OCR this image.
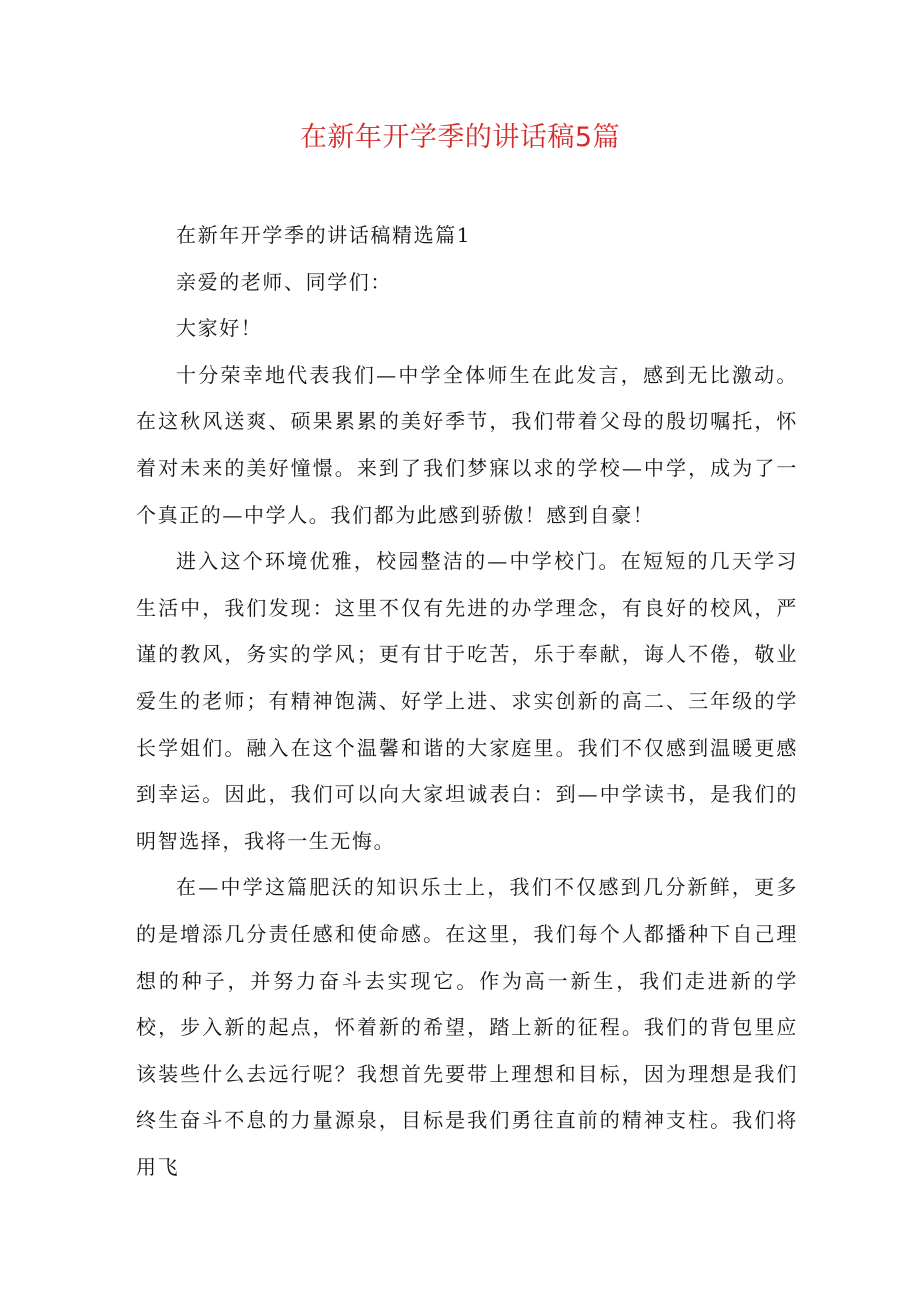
在新年开学季的讲话稿5篇

在新年开学季的讲话稿精选篇1

亲爱的老师、同学们：

大家好！

十分荣幸地代表我们—中学全体师生在此发言，感到无比激动。在这秋风送爽、硕果累累的美好季节，我们带着父母的殷切嘱托，怀着对未来的美好憧憬。来到了我们梦寐以求的学校—中学，成为了一个真正的—中学人。我们都为此感到骄傲！感到自豪！

进入这个环境优雅，校园整洁的—中学校门。在短短的几天学习生活中，我们发现：这里不仅有先进的办学理念，有良好的校风，严谨的教风，务实的学风；更有甘于吃苦，乐于奉献，诲人不倦，敬业爱生的老师；有精神饱满、好学上进、求实创新的高二、三年级的学长学姐们。融入在这个温馨和谐的大家庭里。我们不仅感到温暖更感到幸运。因此，我们可以向大家坦诚表白：到—中学读书，是我们的明智选择，我将一生无悔。

在—中学这篇肥沃的知识乐士上，我们不仅感到几分新鲜，更多的是增添几分责任感和使命感。在这里，我们每个人都播种下自己理想的种子，并努力奋斗去实现它。作为高一新生，我们走进新的学校，步入新的起点，怀着新的希望，踏上新的征程。我们的背包里应该装些什么去远行呢？我想首先要带上理想和目标，因为理想是我们终生奋斗不息的力量源泉，目标是我们勇往直前的精神支柱。我们将用飞
